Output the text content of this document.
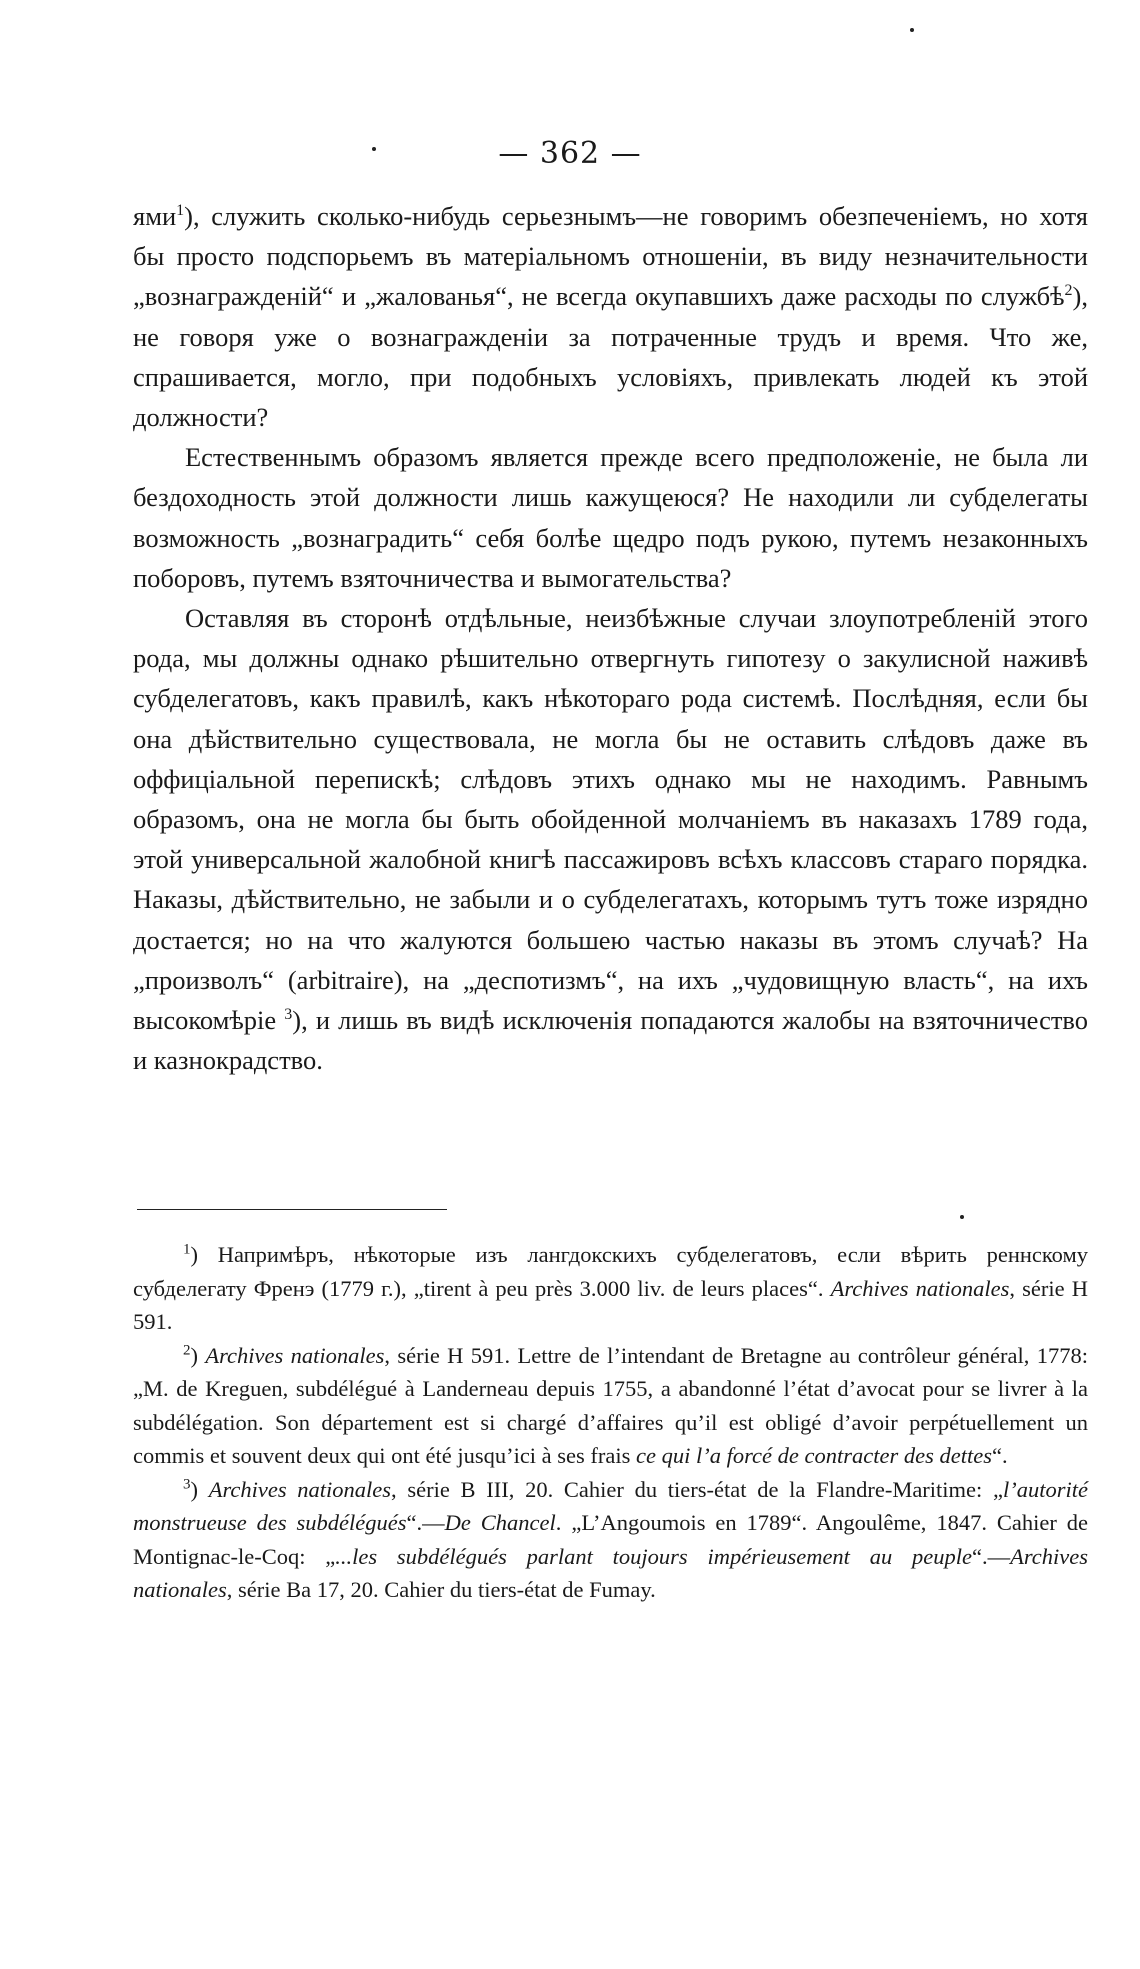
— 362 —

ями$^1$), служить сколько-нибудь серьезнымъ—не говоримъ обезпеченіемъ, но хотя бы просто подспорьемъ въ матеріальномъ отношеніи, въ виду незначительности „вознагражденій“ и „жалованья“, не всегда окупавшихъ даже расходы по службѣ$^2$), не говоря уже о вознагражденіи за потраченные трудъ и время. Что же, спрашивается, могло, при подобныхъ условіяхъ, привлекать людей къ этой должности?

Естественнымъ образомъ является прежде всего предположеніе, не была ли бездоходность этой должности лишь кажущеюся? Не находили ли субделегаты возможность „вознаградить“ себя болѣе щедро подъ рукою, путемъ незаконныхъ поборовъ, путемъ взяточничества и вымогательства?

Оставляя въ сторонѣ отдѣльные, неизбѣжные случаи злоупотребленій этого рода, мы должны однако рѣшительно отвергнуть гипотезу о закулисной наживѣ субделегатовъ, какъ правилѣ, какъ нѣкотораго рода системѣ. Послѣдняя, если бы она дѣйствительно существовала, не могла бы не оставить слѣдовъ даже въ оффиціальной перепискѣ; слѣдовъ этихъ однако мы не находимъ. Равнымъ образомъ, она не могла бы быть обойденной молчаніемъ въ наказахъ 1789 года, этой универсальной жалобной книгѣ пассажировъ всѣхъ классовъ стараго порядка. Наказы, дѣйствительно, не забыли и о субделегатахъ, которымъ тутъ тоже изрядно достается; но на что жалуются большею частью наказы въ этомъ случаѣ? На „произволъ“ (arbitraire), на „деспотизмъ“, на ихъ „чудовищную власть“, на ихъ высокомѣріе $^3$), и лишь въ видѣ исключенія попадаются жалобы на взяточничество и казнокрадство.

$^1$) Напримѣръ, нѣкоторые изъ лангдокскихъ субделегатовъ, если вѣрить реннскому субделегату Френэ (1779 г.), „tirent à peu près 3.000 liv. de leurs places“. Archives nationales, série H 591.

$^2$) Archives nationales, série H 591. Lettre de l’intendant de Bretagne au contrôleur général, 1778: „M. de Kreguen, subdélégué à Landerneau depuis 1755, a abandonné l’état d’avocat pour se livrer à la subdélégation. Son département est si chargé d’affaires qu’il est obligé d’avoir perpétuellement un commis et souvent deux qui ont été jusqu’ici à ses frais ce qui l’a forcé de contracter des dettes“.

$^3$) Archives nationales, série B III, 20. Cahier du tiers-état de la Flandre-Maritime: „l’autorité monstrueuse des subdélégués“.—De Chancel. „L’Angoumois en 1789“. Angoulême, 1847. Cahier de Montignac-le-Coq: „...les subdélégués parlant toujours impérieusement au peuple“.—Archives nationales, série Ba 17, 20. Cahier du tiers-état de Fumay.
